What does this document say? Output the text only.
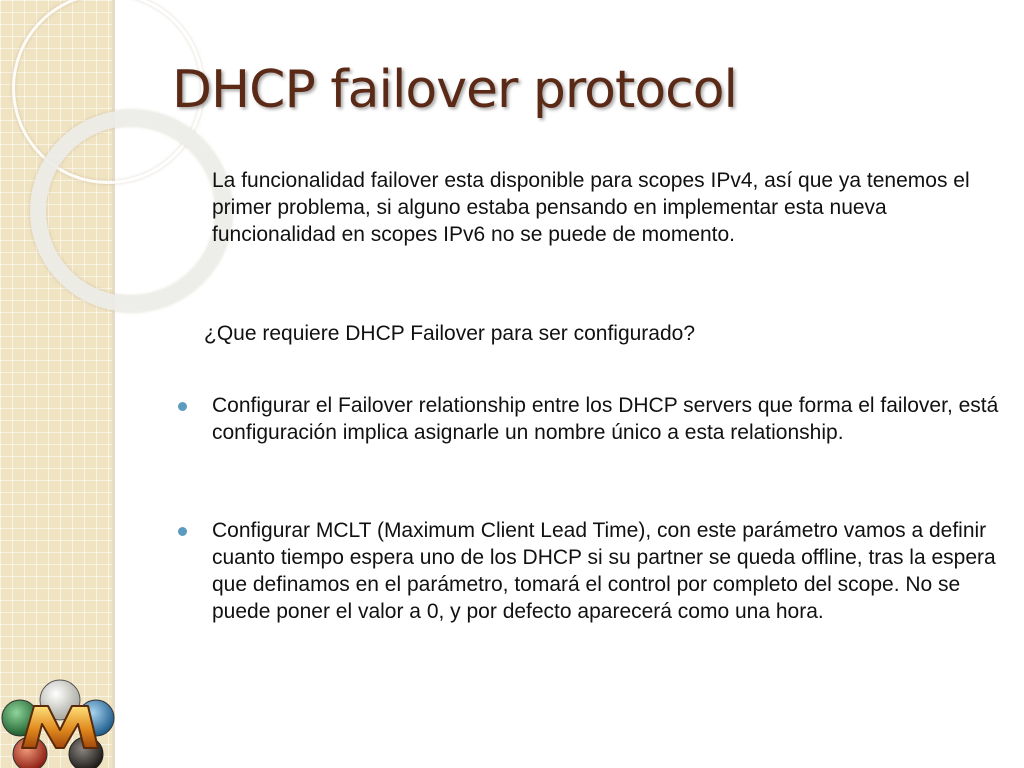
DHCP failover protocol
La funcionalidad failover esta disponible para scopes IPv4, así que ya tenemos el primer problema, si alguno estaba pensando en implementar esta nueva funcionalidad en scopes IPv6 no se puede de momento.
¿Que requiere DHCP Failover para ser configurado?
Configurar el Failover relationship entre los DHCP servers que forma el failover, está configuración implica asignarle un nombre único a esta relationship.
Configurar MCLT (Maximum Client Lead Time), con este parámetro vamos a definir cuanto tiempo espera uno de los DHCP si su partner se queda offline, tras la espera que definamos en el parámetro, tomará el control por completo del scope. No se puede poner el valor a 0, y por defecto aparecerá como una hora.
